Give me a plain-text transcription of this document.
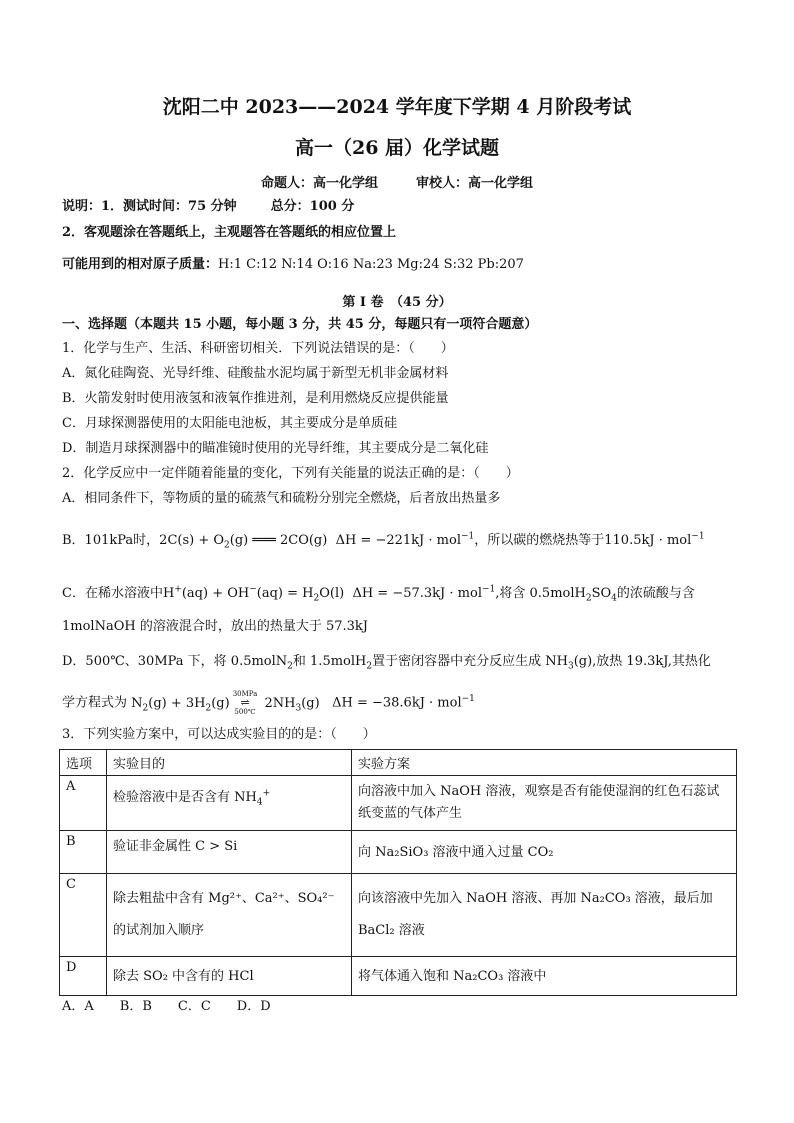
沈阳二中 2023——2024 学年度下学期 4 月阶段考试
高一（26 届）化学试题
命题人：高一化学组	审校人：高一化学组
说明：1．测试时间：75 分钟	总分：100 分
2．客观题涂在答题纸上，主观题答在答题纸的相应位置上
可能用到的相对原子质量：H:1 C:12 N:14 O:16 Na:23 Mg:24 S:32 Pb:207
第 I 卷　（45 分）
一、选择题（本题共 15 小题，每小题 3 分，共 45 分，每题只有一项符合题意）
1．化学与生产、生活、科研密切相关．下列说法错误的是：（　　）
A．氮化硅陶瓷、光导纤维、硅酸盐水泥均属于新型无机非金属材料
B．火箭发射时使用液氢和液氧作推进剂，是利用燃烧反应提供能量
C．月球探测器使用的太阳能电池板，其主要成分是单质硅
D．制造月球探测器中的瞄准镜时使用的光导纤维，其主要成分是二氧化硅
2．化学反应中一定伴随着能量的变化，下列有关能量的说法正确的是：（　　）
A．相同条件下，等物质的量的硫蒸气和硫粉分别完全燃烧，后者放出热量多
B．101kPa时，$2C(s) + O_2(g)$ ═══ 2CO(g) ΔH = −221kJ · mol$^{-1}$，所以碳的燃烧热等于110.5kJ · mol$^{-1}$
C．在稀水溶液中$H^+(aq) + OH^-(aq) = H_2O(l) \Delta H = -57.3kJ \cdot mol^{-1}$,将含 $0.5molH_2SO_4$的浓硫酸与含
1molNaOH 的溶液混合时，放出的热量大于 57.3kJ
D．500℃、30MPa 下，将 0.5molN$_2$和 1.5molH$_2$置于密闭容器中充分反应生成 $NH_3(g)$,放热 19.3kJ,其热化
学方程式为 $N_2(g) + 3H_2(g)30MPa$
⇌
500℃ $2NH_3(g) \Delta H = -38.6kJ \cdot mol^{-1}$
3．下列实验方案中，可以达成实验目的的是：（　　）
选项	实验目的	实验方案
A	检验溶液中是否含有 $NH_4^+$	向溶液中加入 NaOH 溶液，观察是否有能使湿润的红色石蕊试纸变蓝的气体产生

B	验证非金属性 C > Si	向 Na₂SiO₃ 溶液中通入过量 CO₂

C	除去粗盐中含有 Mg²⁺、Ca²⁺、SO₄²⁻ 的试剂加入顺序	向该溶液中先加入 NaOH 溶液、再加 Na₂CO₃ 溶液，最后加 BaCl₂ 溶液

D	除去 SO₂ 中含有的 HCl	将气体通入饱和 Na₂CO₃ 溶液中
A．A　　B．B　　C．C　　D．D
